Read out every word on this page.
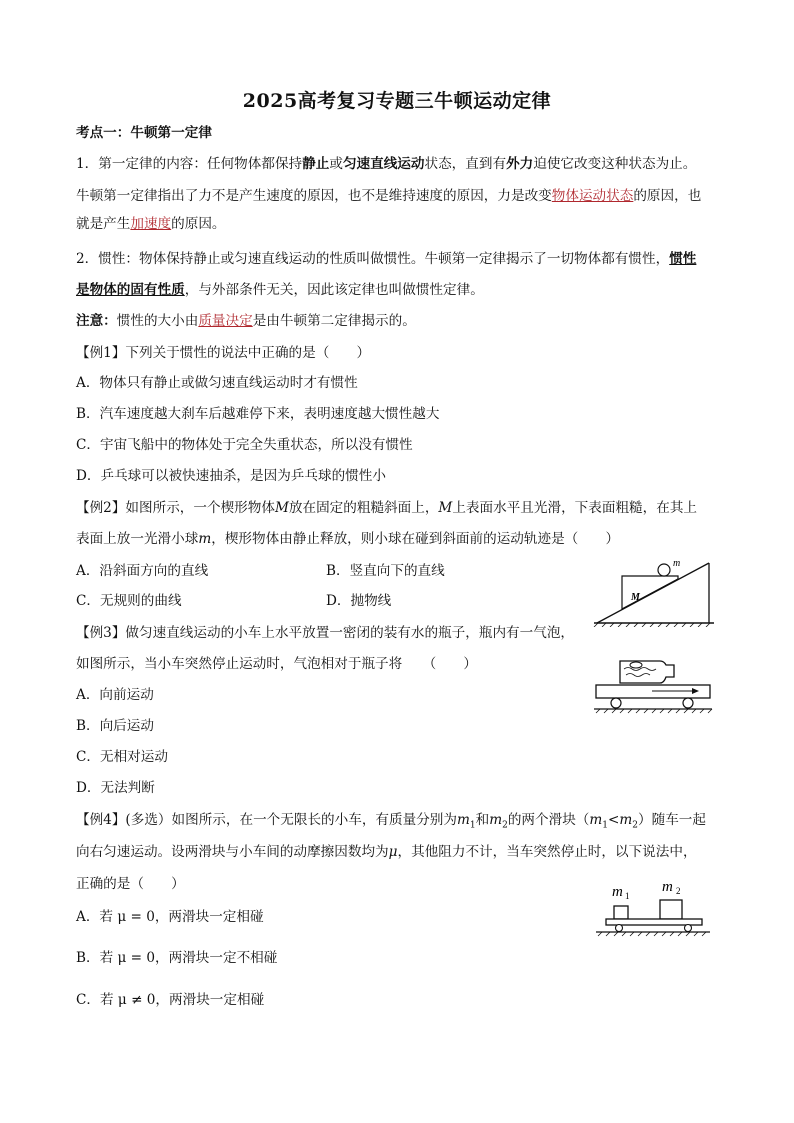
2025高考复习专题三牛顿运动定律
考点一：牛顿第一定律
1．第一定律的内容：任何物体都保持静止或匀速直线运动状态，直到有外力迫使它改变这种状态为止。
牛顿第一定律指出了力不是产生速度的原因，也不是维持速度的原因，力是改变物体运动状态的原因，也
就是产生加速度的原因。
2．惯性：物体保持静止或匀速直线运动的性质叫做惯性。牛顿第一定律揭示了一切物体都有惯性，惯性
是物体的固有性质，与外部条件无关，因此该定律也叫做惯性定律。
注意：惯性的大小由质量决定是由牛顿第二定律揭示的。
【例1】下列关于惯性的说法中正确的是（　　）
A．物体只有静止或做匀速直线运动时才有惯性
B．汽车速度越大刹车后越难停下来，表明速度越大惯性越大
C．宇宙飞船中的物体处于完全失重状态，所以没有惯性
D．乒乓球可以被快速抽杀，是因为乒乓球的惯性小
【例2】如图所示，一个楔形物体M放在固定的粗糙斜面上，M上表面水平且光滑，下表面粗糙，在其上
表面上放一光滑小球m，楔形物体由静止释放，则小球在碰到斜面前的运动轨迹是（　　）
A．沿斜面方向的直线	B．竖直向下的直线
C．无规则的曲线	D．抛物线
m
M
【例3】做匀速直线运动的小车上水平放置一密闭的装有水的瓶子，瓶内有一气泡，
如图所示，当小车突然停止运动时，气泡相对于瓶子将　　（　　）
A．向前运动
B．向后运动
C．无相对运动
D．无法判断
【例4】(多选）如图所示，在一个无限长的小车，有质量分别为$m_1$和$m_2$的两个滑块$(m_1<m_2)$随车一起
向右匀速运动。设两滑块与小车间的动摩擦因数均为μ，其他阻力不计，当车突然停止时，以下说法中，
正确的是（　　）
A．若 μ = 0，两滑块一定相碰
B．若 μ = 0，两滑块一定不相碰
C．若 μ ≠ 0，两滑块一定相碰
m 1
m 2
